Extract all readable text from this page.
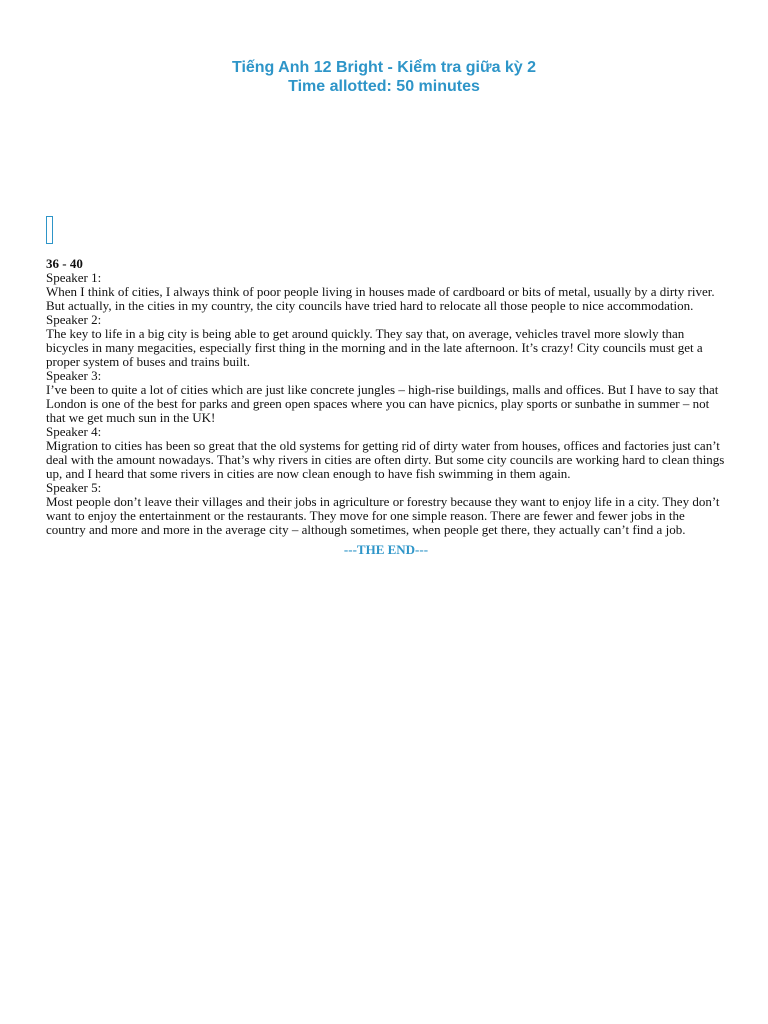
Tiếng Anh 12 Bright - Kiểm tra giữa kỳ 2
Time allotted: 50 minutes

36 - 40

Speaker 1:

When I think of cities, I always think of poor people living in houses made of cardboard or bits of metal, usually by a dirty river. But actually, in the cities in my country, the city councils have tried hard to relocate all those people to nice accommodation.

Speaker 2:

The key to life in a big city is being able to get around quickly. They say that, on average, vehicles travel more slowly than bicycles in many megacities, especially first thing in the morning and in the late afternoon. It’s crazy! City councils must get a proper system of buses and trains built.

Speaker 3:

I’ve been to quite a lot of cities which are just like concrete jungles – high-rise buildings, malls and offices. But I have to say that London is one of the best for parks and green open spaces where you can have picnics, play sports or sunbathe in summer – not that we get much sun in the UK!

Speaker 4:

Migration to cities has been so great that the old systems for getting rid of dirty water from houses, offices and factories just can’t deal with the amount nowadays. That’s why rivers in cities are often dirty. But some city councils are working hard to clean things up, and I heard that some rivers in cities are now clean enough to have fish swimming in them again.

Speaker 5:

Most people don’t leave their villages and their jobs in agriculture or forestry because they want to enjoy life in a city. They don’t want to enjoy the entertainment or the restaurants. They move for one simple reason. There are fewer and fewer jobs in the country and more and more in the average city – although sometimes, when people get there, they actually can’t find a job.

---THE END---
